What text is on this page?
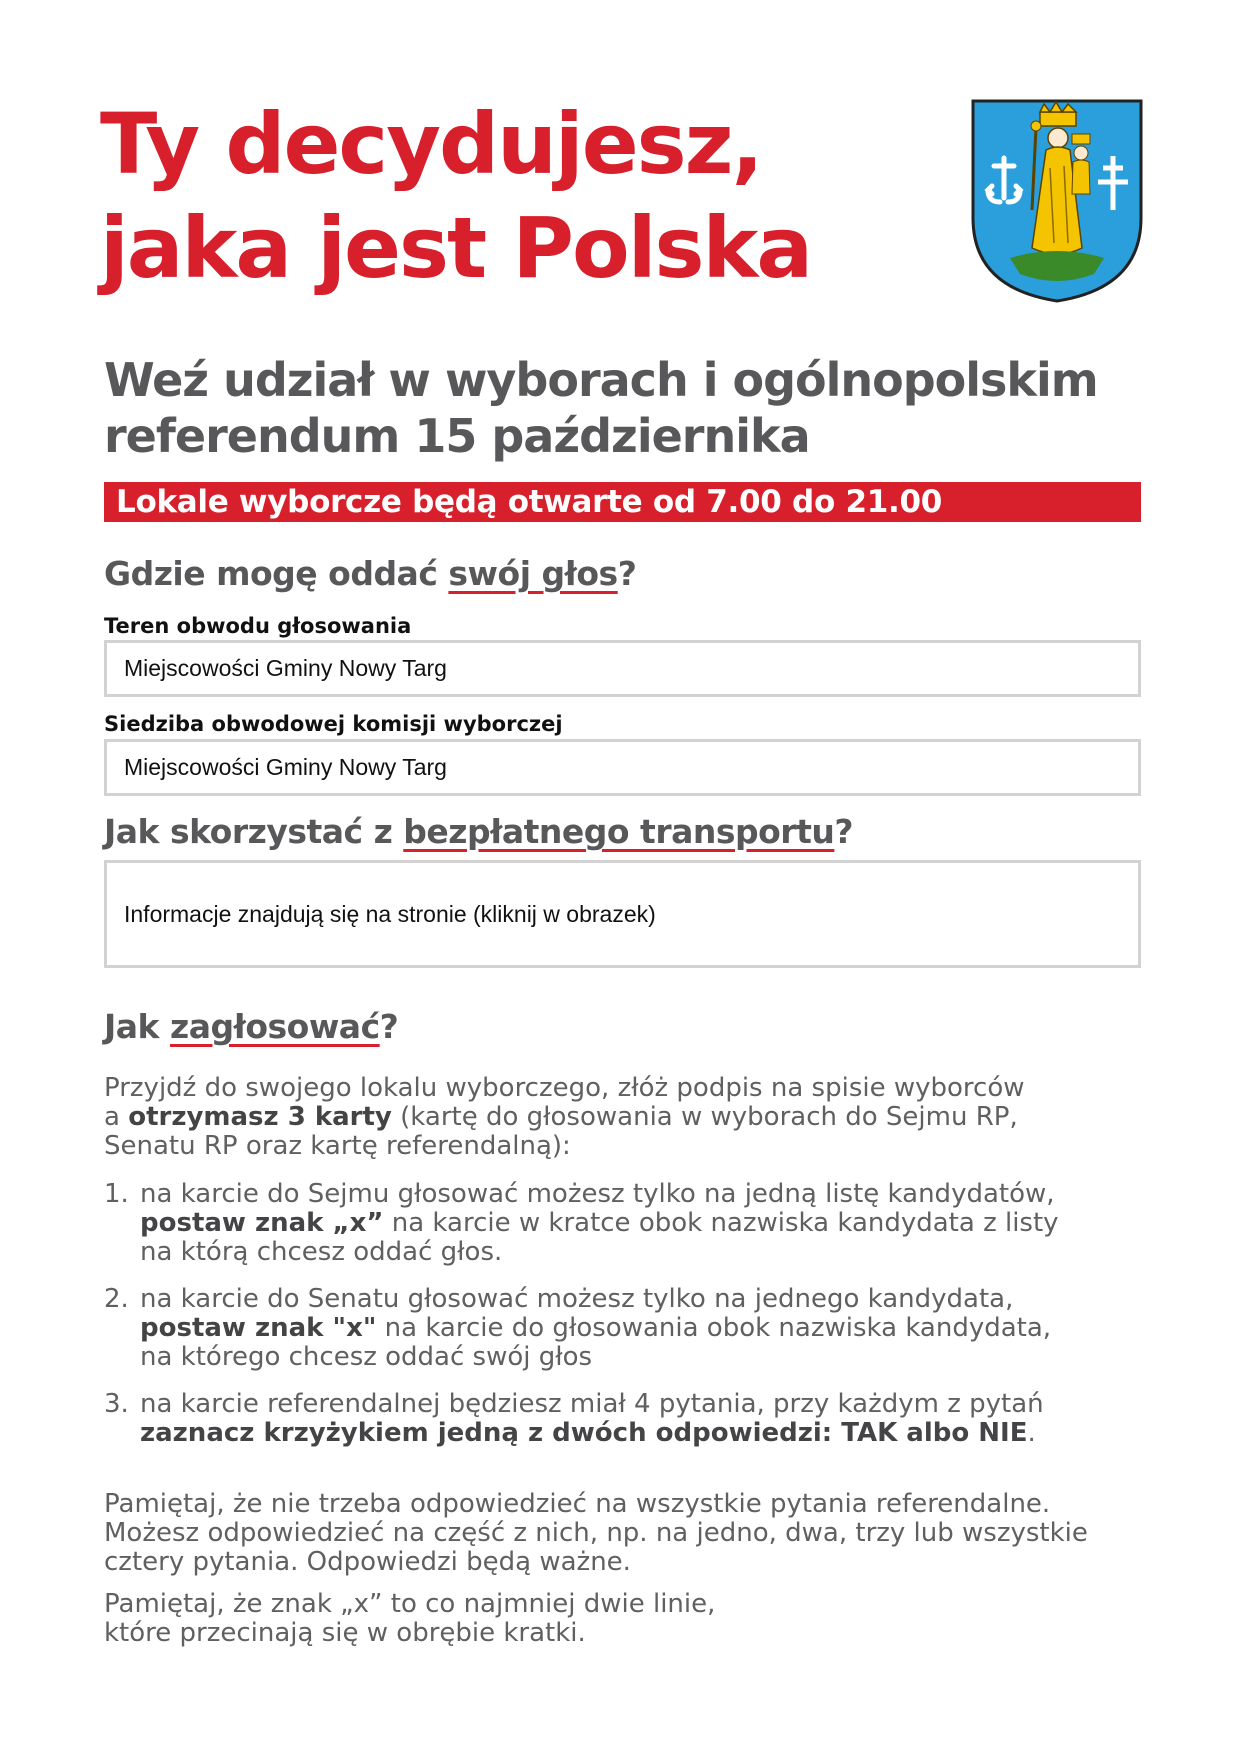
Ty decydujesz,
jaka jest Polska
Weź udział w wyborach i ogólnopolskim
referendum 15 października
Lokale wyborcze będą otwarte od 7.00 do 21.00
Gdzie mogę oddać swój głos?
Teren obwodu głosowania
Miejscowości Gminy Nowy Targ
Siedziba obwodowej komisji wyborczej
Miejscowości Gminy Nowy Targ
Jak skorzystać z bezpłatnego transportu?
Informacje znajdują się na stronie (kliknij w obrazek)
Jak zagłosować?

Przyjdź do swojego lokalu wyborczego, złóż podpis na spisie wyborców
a otrzymasz 3 karty (kartę do głosowania w wyborach do Sejmu RP,
Senatu RP oraz kartę referendalną):

1. na karcie do Sejmu głosować możesz tylko na jedną listę kandydatów,
postaw znak „x” na karcie w kratce obok nazwiska kandydata z listy
na którą chcesz oddać głos.
2. na karcie do Senatu głosować możesz tylko na jednego kandydata,
postaw znak "x" na karcie do głosowania obok nazwiska kandydata,
na którego chcesz oddać swój głos
3. na karcie referendalnej będziesz miał 4 pytania, przy każdym z pytań
zaznacz krzyżykiem jedną z dwóch odpowiedzi: TAK albo NIE.

Pamiętaj, że nie trzeba odpowiedzieć na wszystkie pytania referendalne.
Możesz odpowiedzieć na część z nich, np. na jedno, dwa, trzy lub wszystkie
cztery pytania. Odpowiedzi będą ważne.

Pamiętaj, że znak „x” to co najmniej dwie linie,
które przecinają się w obrębie kratki.
